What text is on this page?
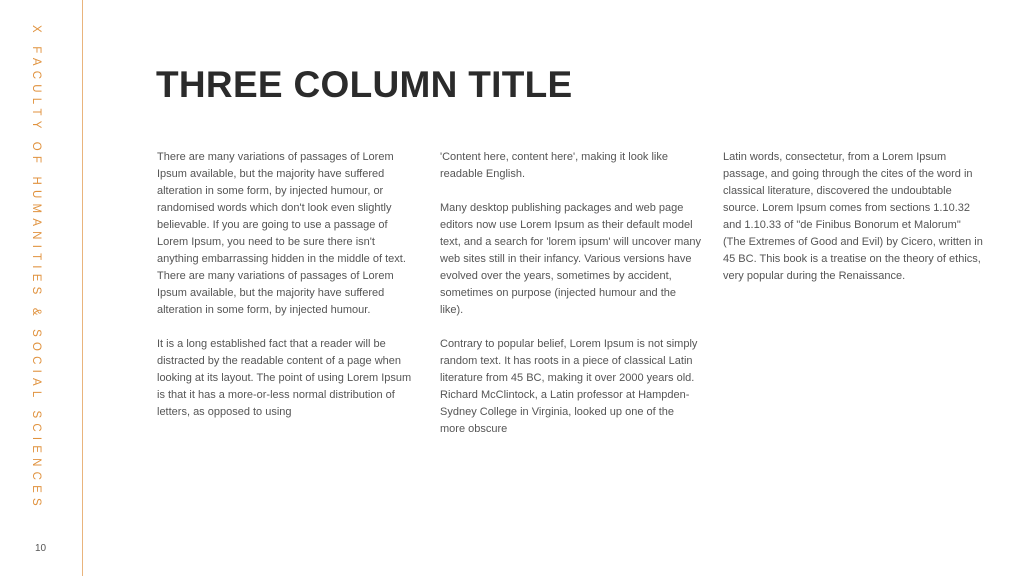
X FACULTY OF HUMANITIES & SOCIAL SCIENCES
10
THREE COLUMN TITLE

There are many variations of passages of Lorem Ipsum available, but the majority have suffered alteration in some form, by injected humour, or randomised words which don't look even slightly believable. If you are going to use a passage of Lorem Ipsum, you need to be sure there isn't anything embarrassing hidden in the middle of text. There are many variations of passages of Lorem Ipsum available, but the majority have suffered alteration in some form, by injected humour.

It is a long established fact that a reader will be distracted by the readable content of a page when looking at its layout. The point of using Lorem Ipsum is that it has a more-or-less normal distribution of letters, as opposed to using

'Content here, content here', making it look like readable English.

Many desktop publishing packages and web page editors now use Lorem Ipsum as their default model text, and a search for 'lorem ipsum' will uncover many web sites still in their infancy. Various versions have evolved over the years, sometimes by accident, sometimes on purpose (injected humour and the like).

Contrary to popular belief, Lorem Ipsum is not simply random text. It has roots in a piece of classical Latin literature from 45 BC, making it over 2000 years old. Richard McClintock, a Latin professor at Hampden-Sydney College in Virginia, looked up one of the more obscure

Latin words, consectetur, from a Lorem Ipsum passage, and going through the cites of the word in classical literature, discovered the undoubtable source. Lorem Ipsum comes from sections 1.10.32 and 1.10.33 of "de Finibus Bonorum et Malorum" (The Extremes of Good and Evil) by Cicero, written in 45 BC. This book is a treatise on the theory of ethics, very popular during the Renaissance.
